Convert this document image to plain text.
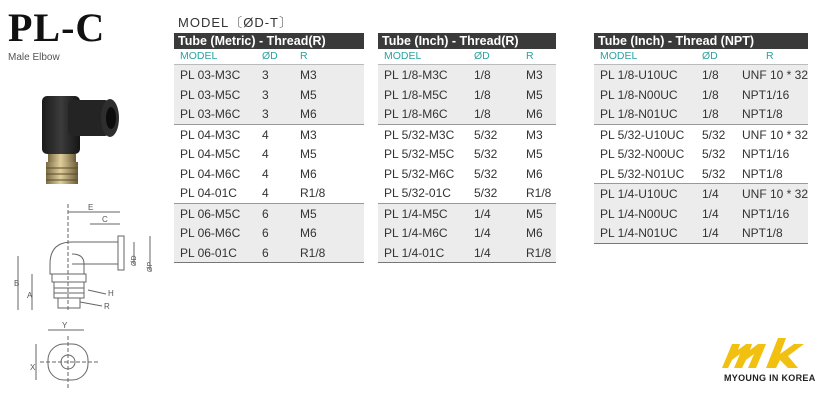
PL-C
Male Elbow
E
C
ØD
ØP
B
A	H
R
Y
X
MODEL〔ØD-T〕
Tube (Metric) - Thread(R)
MODEL	ØD R
PL 03-M3C 3	M3
PL 03-M5C 3	M5
PL 03-M6C 3	M6
PL 04-M3C 4	M3
PL 04-M5C 4	M5
PL 04-M6C 4	M6
PL 04-01C 4	R1/8
PL 06-M5C 6	M5
PL 06-M6C 6	M6
PL 06-01C 6	R1/8
Tube (Inch) - Thread(R)
MODEL	ØD	R
PL 1/8-M3C 1/8	M3
PL 1/8-M5C 1/8	M5
PL 1/8-M6C 1/8	M6
PL 5/32-M3C 5/32 M3
PL 5/32-M5C 5/32 M5
PL 5/32-M6C 5/32 M6
PL 5/32-01C 5/32 R1/8
PL 1/4-M5C 1/4	M5
PL 1/4-M6C 1/4	M6
PL 1/4-01C 1/4	R1/8
Tube (Inch) - Thread (NPT)
MODEL	ØD	R
PL 1/8-U10UC 1/8 UNF 10 * 32
PL 1/8-N00UC 1/8 NPT1/16
PL 1/8-N01UC 1/8 NPT1/8
PL 5/32-U10UC 5/32 UNF 10 * 32
PL 5/32-N00UC 5/32 NPT1/16
PL 5/32-N01UC 5/32 NPT1/8
PL 1/4-U10UC 1/4 UNF 10 * 32
PL 1/4-N00UC 1/4 NPT1/16
PL 1/4-N01UC 1/4 NPT1/8
MYOUNG IN KOREA
